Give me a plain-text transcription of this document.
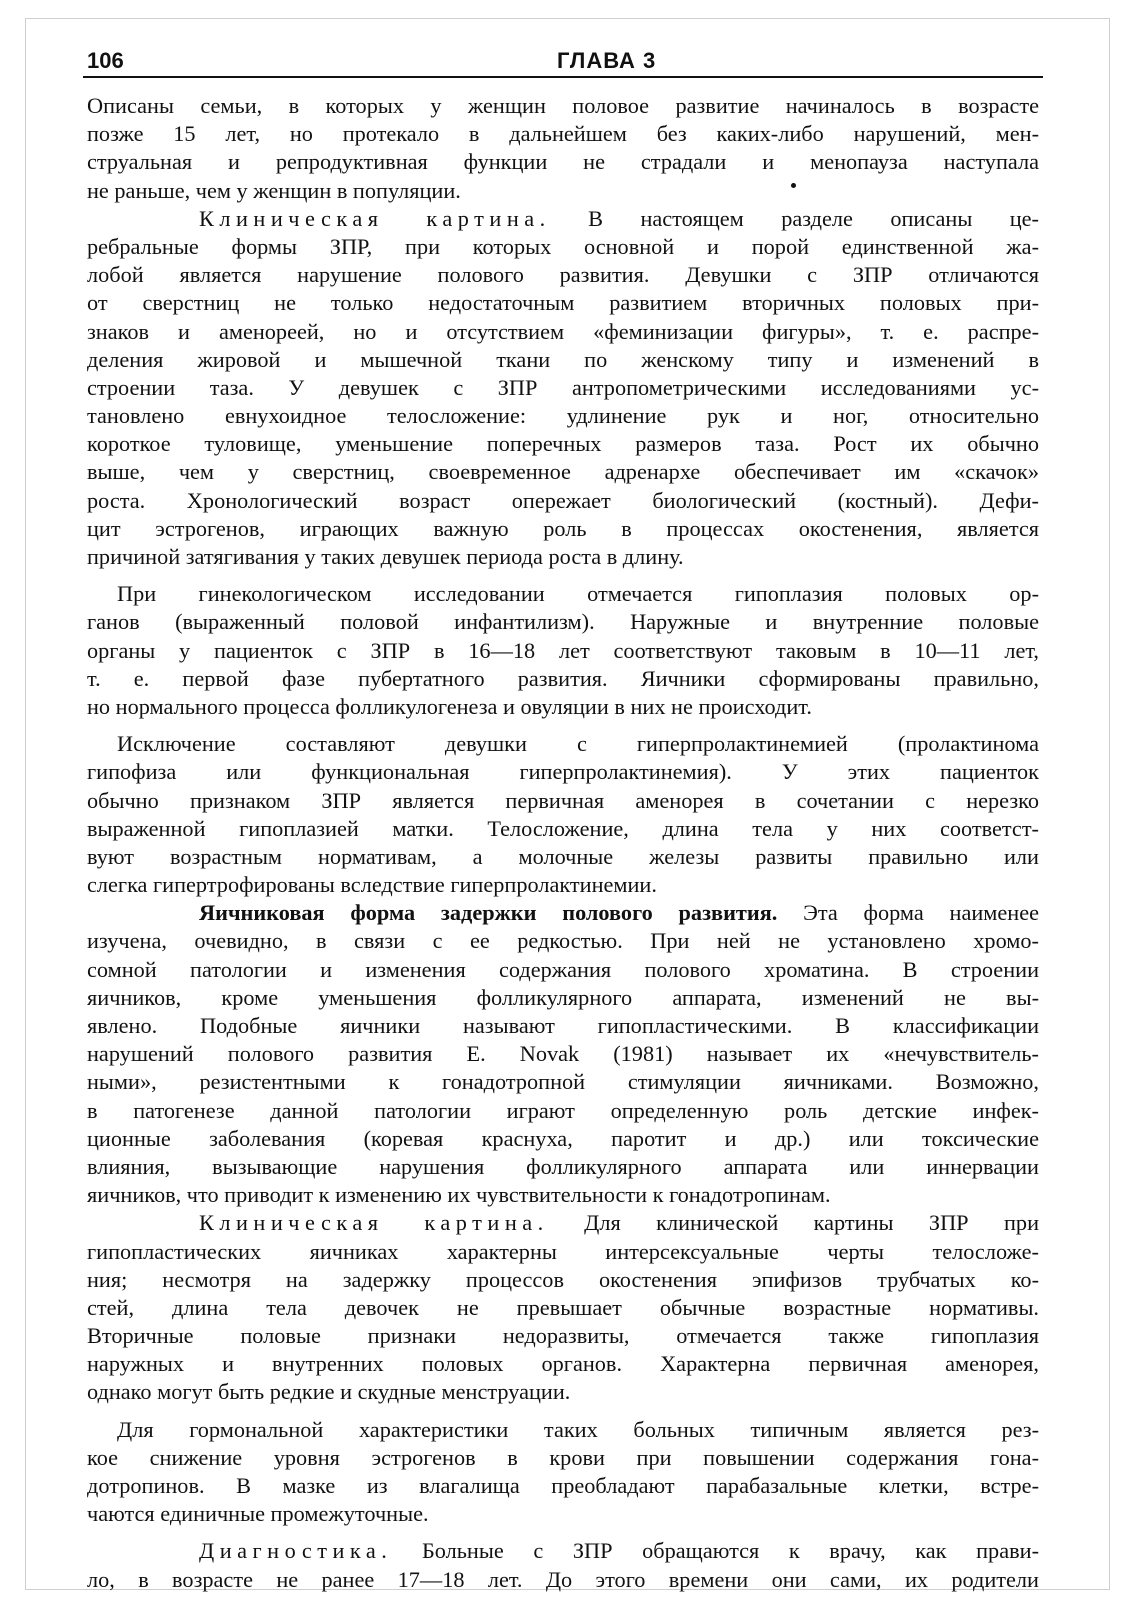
106	ГЛАВА 3
Описаны семьи, в которых у женщин половое развитие начиналось в возрасте
позже 15 лет, но протекало в дальнейшем без каких-либо нарушений, мен-
струальная и репродуктивная функции не страдали и менопауза наступала
не раньше, чем у женщин в популяции.
Клиническая картина. В настоящем разделе описаны це-
ребральные формы ЗПР, при которых основной и порой единственной жа-
лобой является нарушение полового развития. Девушки с ЗПР отличаются
от сверстниц не только недостаточным развитием вторичных половых при-
знаков и аменореей, но и отсутствием «феминизации фигуры», т. е. распре-
деления жировой и мышечной ткани по женскому типу и изменений в
строении таза. У девушек с ЗПР антропометрическими исследованиями ус-
тановлено евнухоидное телосложение: удлинение рук и ног, относительно
короткое туловище, уменьшение поперечных размеров таза. Рост их обычно
выше, чем у сверстниц, своевременное адренархе обеспечивает им «скачок»
роста. Хронологический возраст опережает биологический (костный). Дефи-
цит эстрогенов, играющих важную роль в процессах окостенения, является
причиной затягивания у таких девушек периода роста в длину.
При гинекологическом исследовании отмечается гипоплазия половых ор-
ганов (выраженный половой инфантилизм). Наружные и внутренние половые
органы у пациенток с ЗПР в 16—18 лет соответствуют таковым в 10—11 лет,
т. е. первой фазе пубертатного развития. Яичники сформированы правильно,
но нормального процесса фолликулогенеза и овуляции в них не происходит.
Исключение составляют девушки с гиперпролактинемией (пролактинома
гипофиза или функциональная гиперпролактинемия). У этих пациенток
обычно признаком ЗПР является первичная аменорея в сочетании с нерезко
выраженной гипоплазией матки. Телосложение, длина тела у них соответст-
вуют возрастным нормативам, а молочные железы развиты правильно или
слегка гипертрофированы вследствие гиперпролактинемии.
Яичниковая форма задержки полового развития. Эта форма наименее
изучена, очевидно, в связи с ее редкостью. При ней не установлено хромо-
сомной патологии и изменения содержания полового хроматина. В строении
яичников, кроме уменьшения фолликулярного аппарата, изменений не вы-
явлено. Подобные яичники называют гипопластическими. В классификации
нарушений полового развития E. Novak (1981) называет их «нечувствитель-
ными», резистентными к гонадотропной стимуляции яичниками. Возможно,
в патогенезе данной патологии играют определенную роль детские инфек-
ционные заболевания (коревая краснуха, паротит и др.) или токсические
влияния, вызывающие нарушения фолликулярного аппарата или иннервации
яичников, что приводит к изменению их чувствительности к гонадотропинам.
Клиническая картина. Для клинической картины ЗПР при
гипопластических яичниках характерны интерсексуальные черты телосложе-
ния; несмотря на задержку процессов окостенения эпифизов трубчатых ко-
стей, длина тела девочек не превышает обычные возрастные нормативы.
Вторичные половые признаки недоразвиты, отмечается также гипоплазия
наружных и внутренних половых органов. Характерна первичная аменорея,
однако могут быть редкие и скудные менструации.
Для гормональной характеристики таких больных типичным является рез-
кое снижение уровня эстрогенов в крови при повышении содержания гона-
дотропинов. В мазке из влагалища преобладают парабазальные клетки, встре-
чаются единичные промежуточные.
Диагностика. Больные с ЗПР обращаются к врачу, как прави-
ло, в возрасте не ранее 17—18 лет. До этого времени они сами, их родители
